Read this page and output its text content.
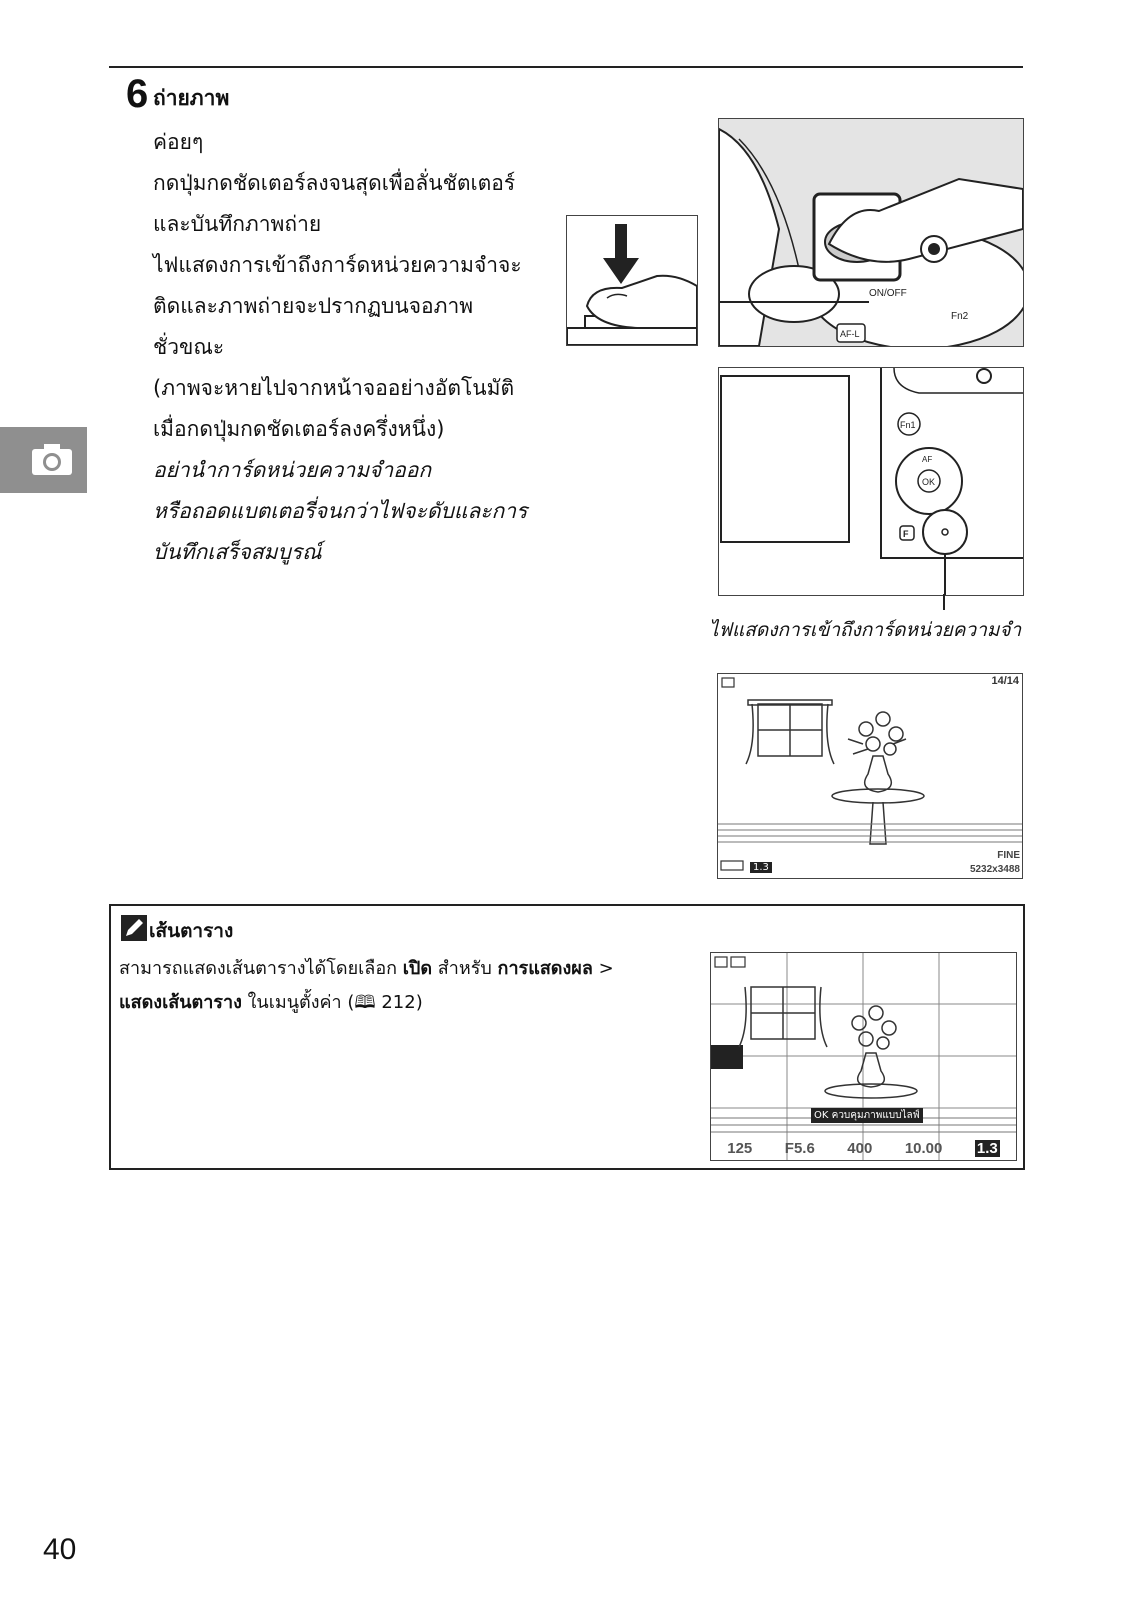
6 ถ่ายภาพ
ค่อยๆ
กดปุ่มกดชัดเตอร์ลงจนสุดเพื่อลั่นชัตเตอร์
และบันทึกภาพถ่าย
ไฟแสดงการเข้าถึงการ์ดหน่วยความจำจะ
ติดและภาพถ่ายจะปรากฏบนจอภาพ
ชั่วขณะ
(ภาพจะหายไปจากหน้าจออย่างอัตโนมัติ
เมื่อกดปุ่มกดชัดเตอร์ลงครึ่งหนึ่ง)
อย่านำการ์ดหน่วยความจำออก
หรือถอดแบตเตอรี่จนกว่าไฟจะดับและการ
บันทึกเสร็จสมบูรณ์
ON/OFF
Fn2
AF-L
Fn1
OK
AF
F
ไฟแสดงการเข้าถึงการ์ดหน่วยความจำ
14/14
1.3
FINE
5232x3488
เส้นตาราง
สามารถแสดงเส้นตารางได้โดยเลือก เปิด สำหรับ การแสดงผล >
แสดงเส้นตาราง ในเมนูตั้งค่า (🕮 212)
OK ควบคุมภาพแบบไลฟ์
125 F5.6 400 10.00 1.3
40
